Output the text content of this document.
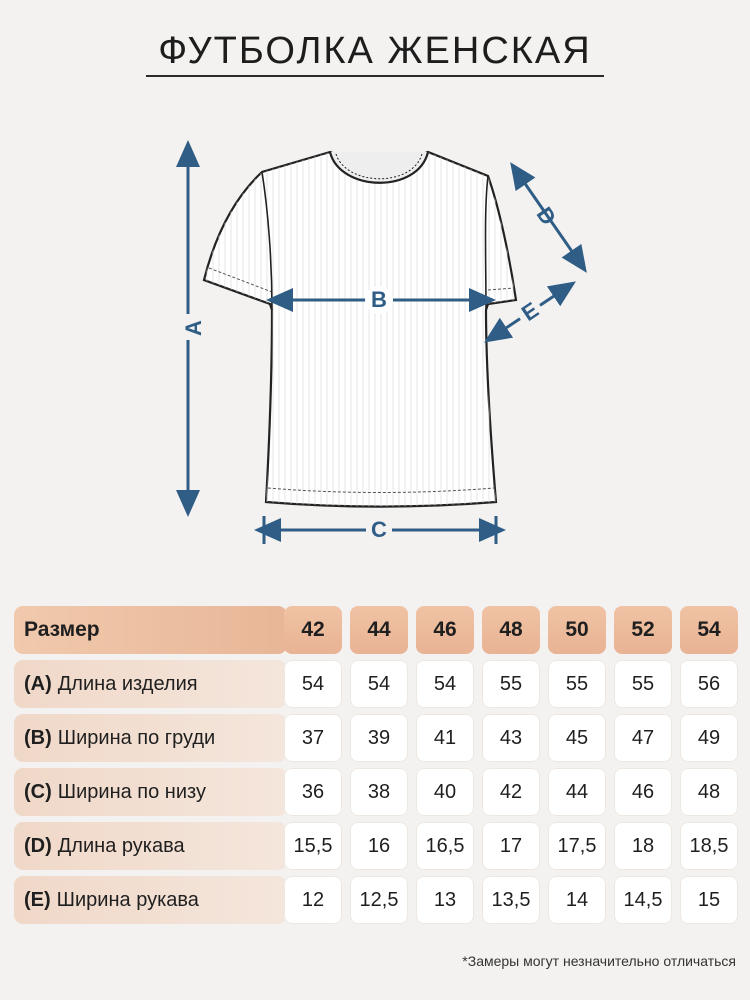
ФУТБОЛКА ЖЕНСКАЯ
A
B
C
D
E
Размер	42	44	46	48	50	52	54
(A) Длина изделия	54	54	54	55	55	55	56
(B) Ширина по груди	37	39	41	43	45	47	49
(C) Ширина по низу	36	38	40	42	44	46	48
(D) Длина рукава	15,5	16	16,5	17	17,5	18	18,5
(E) Ширина рукава	12	12,5	13	13,5	14	14,5	15
*Замеры могут незначительно отличаться
